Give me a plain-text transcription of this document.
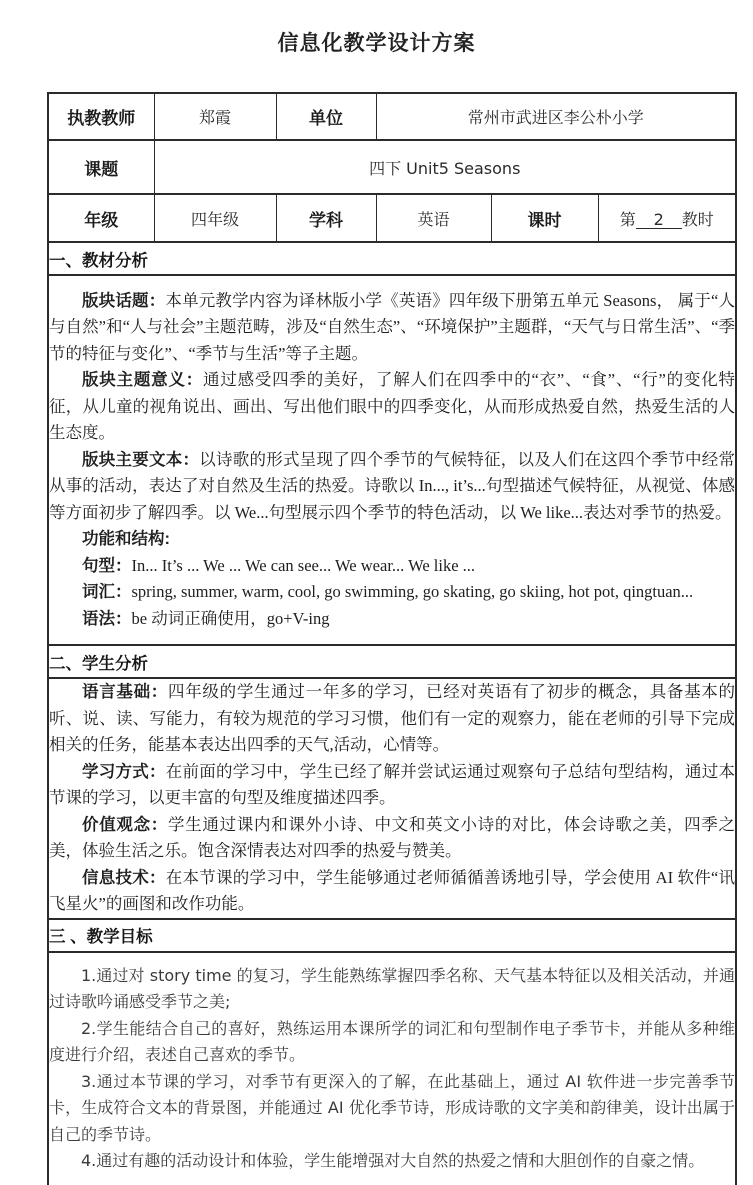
信息化教学设计方案
执教教师	郑霞	单位	常州市武进区李公朴小学		
课题	四下 Unit5 Seasons				
年级	四年级	学科	英语	课时	第 2 教时
一、教材分析					

版块话题：本单元教学内容为译林版小学《英语》四年级下册第五单元 Seasons， 属于“人与自然”和“人与社会”主题范畴，涉及“自然生态”、“环境保护”主题群，“天气与日常生活”、“季节的特征与变化”、“季节与生活”等子主题。

版块主题意义：通过感受四季的美好，了解人们在四季中的“衣”、“食”、“行”的变化特征，从儿童的视角说出、画出、写出他们眼中的四季变化，从而形成热爱自然，热爱生活的人生态度。

版块主要文本：以诗歌的形式呈现了四个季节的气候特征，以及人们在这四个季节中经常从事的活动，表达了对自然及生活的热爱。诗歌以 In..., it’s...句型描述气候特征，从视觉、体感等方面初步了解四季。以 We...句型展示四个季节的特色活动，以 We like...表达对季节的热爱。

功能和结构:

句型：In... It’s ... We ... We can see... We wear... We like ...

词汇：spring, summer, warm, cool, go swimming, go skating, go skiing, hot pot, qingtuan...

语法：be 动词正确使用，go+V-ing

二、学生分析					

语言基础：四年级的学生通过一年多的学习，已经对英语有了初步的概念，具备基本的听、说、读、写能力，有较为规范的学习习惯，他们有一定的观察力，能在老师的引导下完成相关的任务，能基本表达出四季的天气,活动，心情等。

学习方式：在前面的学习中，学生已经了解并尝试运通过观察句子总结句型结构，通过本节课的学习，以更丰富的句型及维度描述四季。

价值观念：学生通过课内和课外小诗、中文和英文小诗的对比，体会诗歌之美，四季之美，体验生活之乐。饱含深情表达对四季的热爱与赞美。

信息技术：在本节课的学习中，学生能够通过老师循循善诱地引导，学会使用 AI 软件“讯飞星火”的画图和改作功能。					

三 、教学目标					

1.通过对 story time 的复习，学生能熟练掌握四季名称、天气基本特征以及相关活动，并通过诗歌吟诵感受季节之美;

2.学生能结合自己的喜好，熟练运用本课所学的词汇和句型制作电子季节卡，并能从多种维度进行介绍，表述自己喜欢的季节。

3.通过本节课的学习，对季节有更深入的了解，在此基础上，通过 AI 软件进一步完善季节卡，生成符合文本的背景图，并能通过 AI 优化季节诗，形成诗歌的文字美和韵律美，设计出属于自己的季节诗。

4.通过有趣的活动设计和体验，学生能增强对大自然的热爱之情和大胆创作的自豪之情。					
